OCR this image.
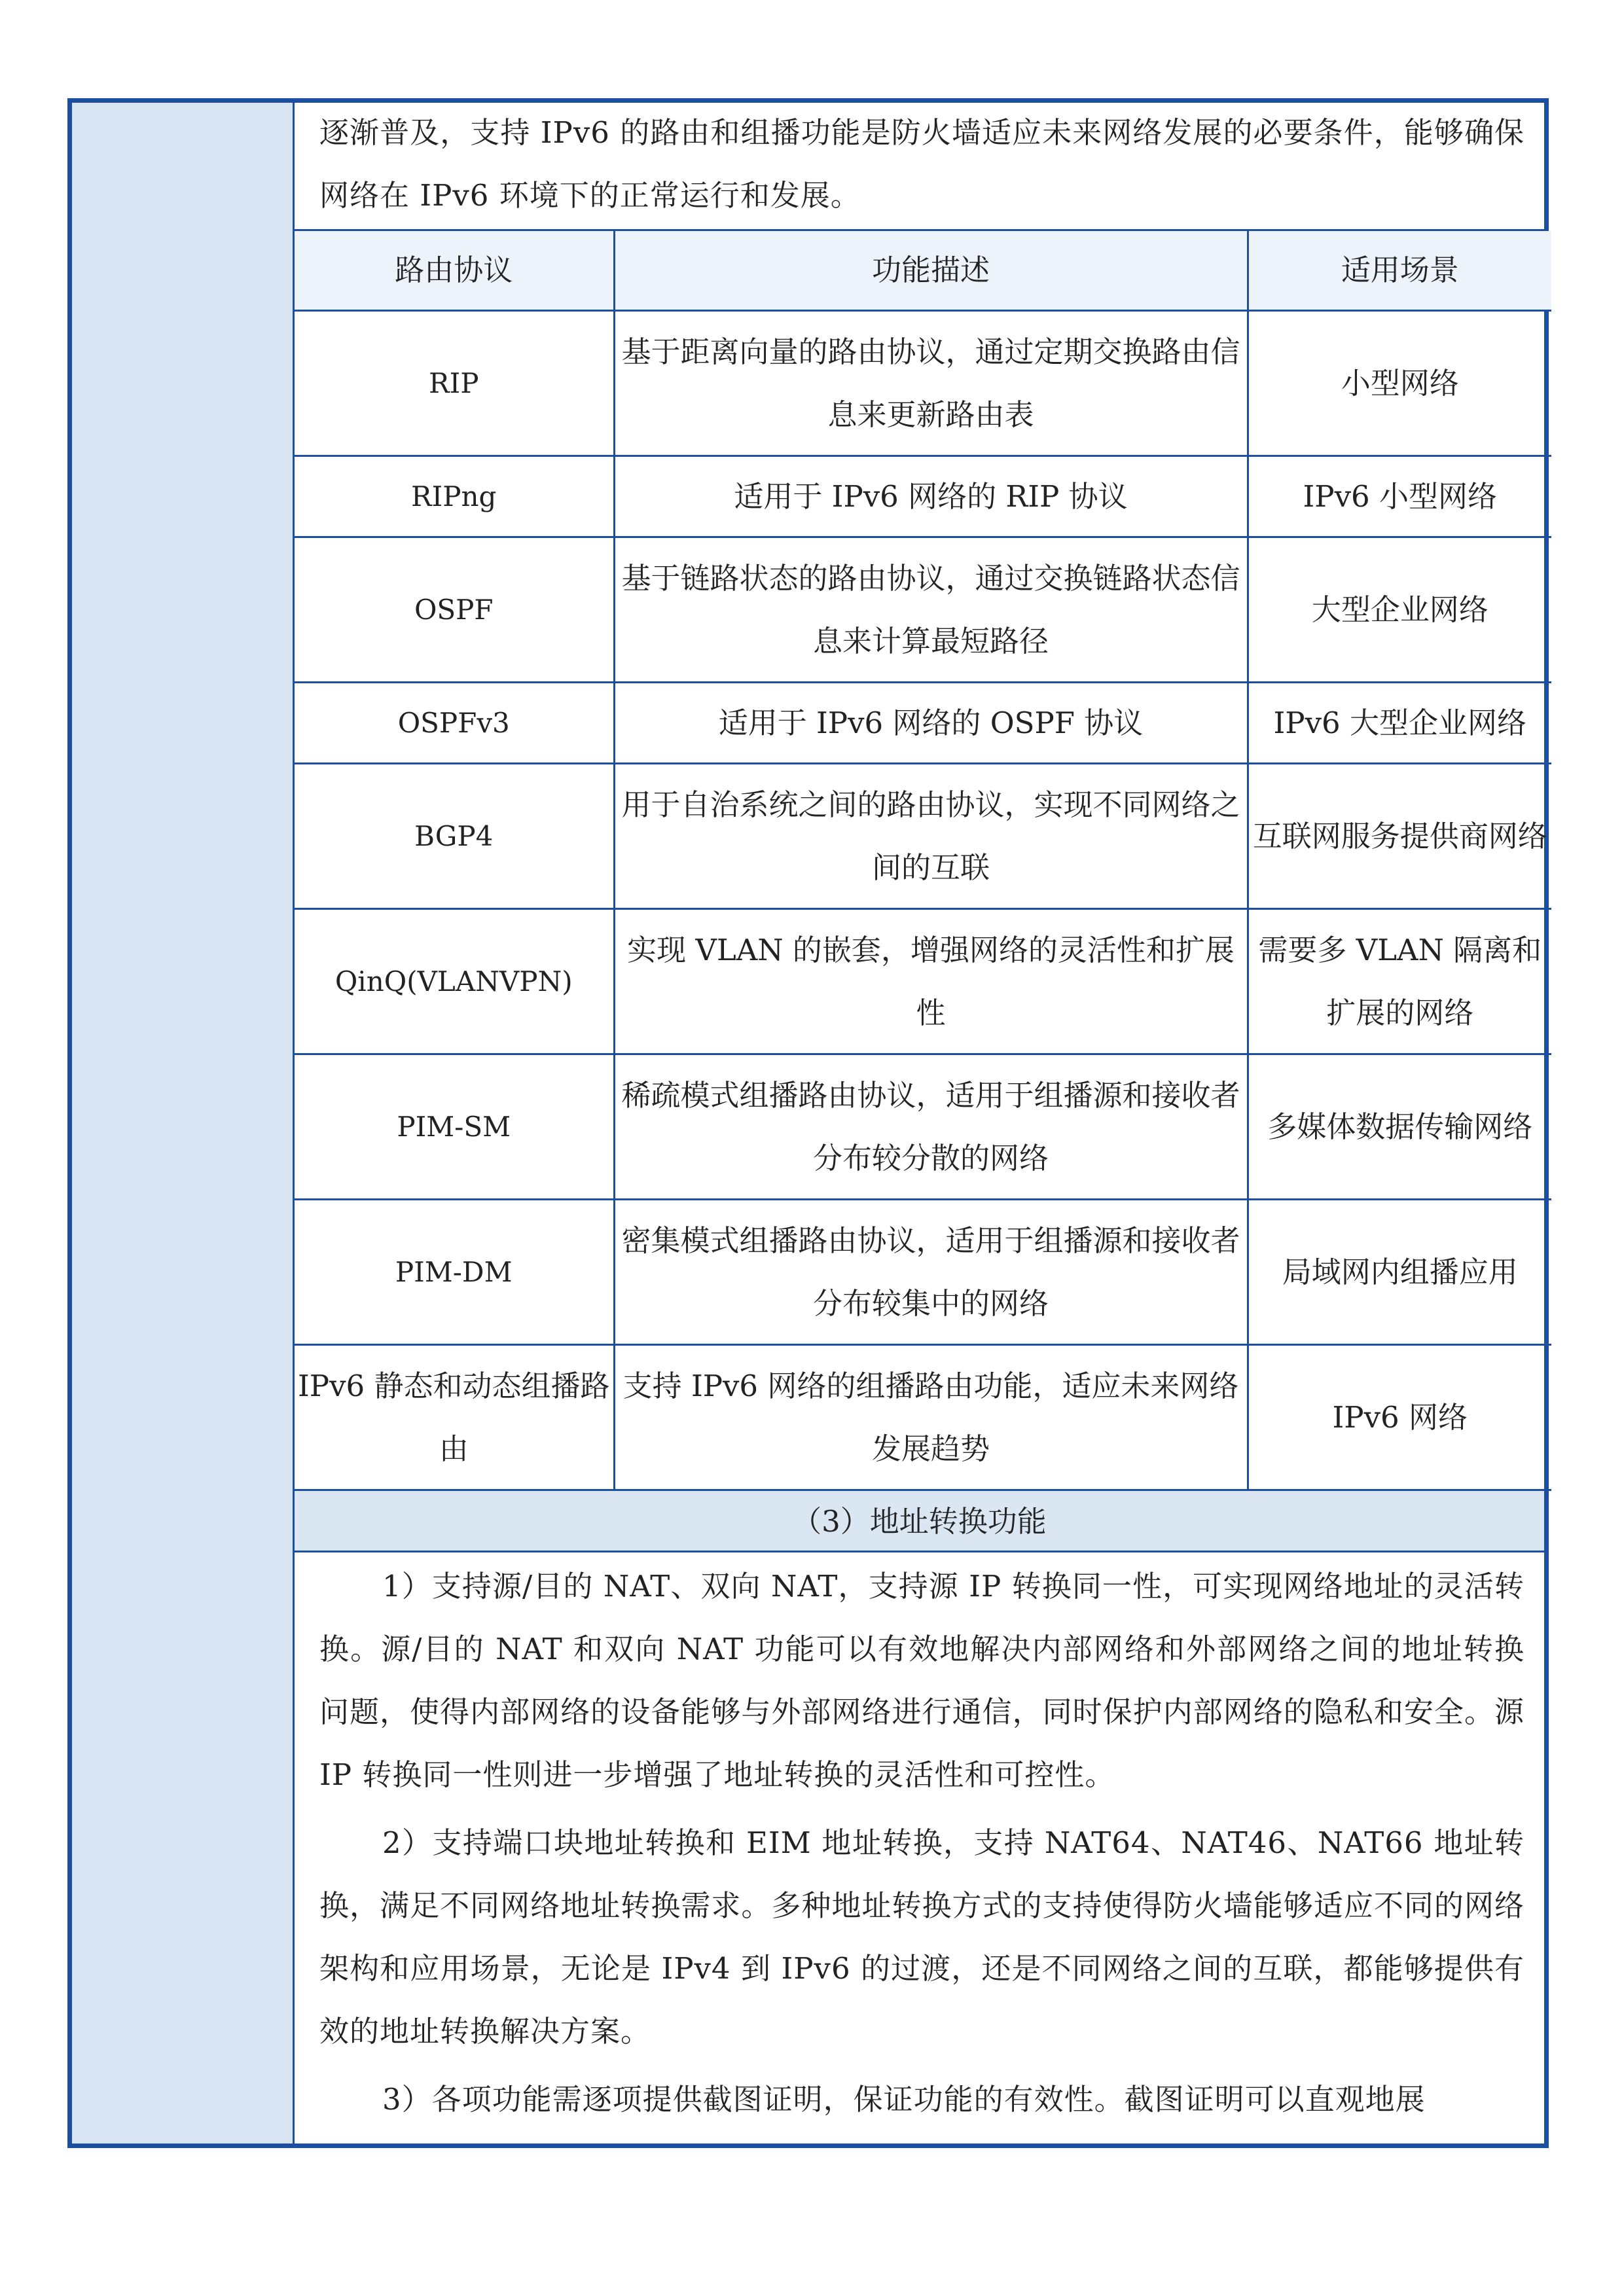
逐渐普及，支持 IPv6 的路由和组播功能是防火墙适应未来网络发展的必要条件，能够确保网络在 IPv6 环境下的正常运行和发展。

路由协议	功能描述	适用场景
RIP	基于距离向量的路由协议，通过定期交换路由信息来更新路由表	小型网络
RIPng	适用于 IPv6 网络的 RIP 协议	IPv6 小型网络
OSPF	基于链路状态的路由协议，通过交换链路状态信息来计算最短路径	大型企业网络
OSPFv3	适用于 IPv6 网络的 OSPF 协议	IPv6 大型企业网络
BGP4	用于自治系统之间的路由协议，实现不同网络之间的互联	互联网服务提供商网络
QinQ(VLANVPN)	实现 VLAN 的嵌套，增强网络的灵活性和扩展性	需要多 VLAN 隔离和扩展的网络
PIM-SM	稀疏模式组播路由协议，适用于组播源和接收者分布较分散的网络	多媒体数据传输网络
PIM-DM	密集模式组播路由协议，适用于组播源和接收者分布较集中的网络	局域网内组播应用
IPv6 静态和动态组播路由	支持 IPv6 网络的组播路由功能，适应未来网络发展趋势	IPv6 网络
（3）地址转换功能

1）支持源/目的 NAT、双向 NAT，支持源 IP 转换同一性，可实现网络地址的灵活转换。源/目的 NAT 和双向 NAT 功能可以有效地解决内部网络和外部网络之间的地址转换问题，使得内部网络的设备能够与外部网络进行通信，同时保护内部网络的隐私和安全。源 IP 转换同一性则进一步增强了地址转换的灵活性和可控性。

2）支持端口块地址转换和 EIM 地址转换，支持 NAT64、NAT46、NAT66 地址转换，满足不同网络地址转换需求。多种地址转换方式的支持使得防火墙能够适应不同的网络架构和应用场景，无论是 IPv4 到 IPv6 的过渡，还是不同网络之间的互联，都能够提供有效的地址转换解决方案。

3）各项功能需逐项提供截图证明，保证功能的有效性。截图证明可以直观地展
